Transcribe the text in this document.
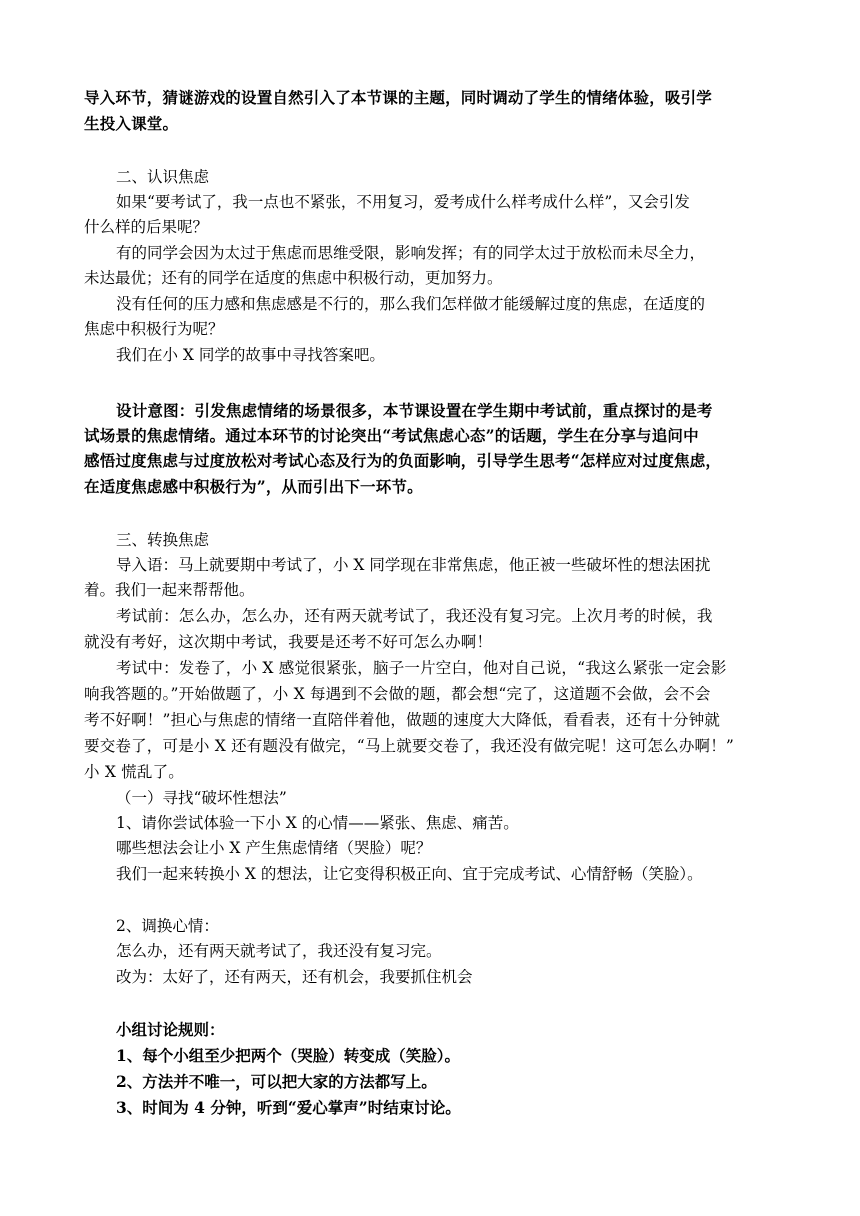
导入环节，猜谜游戏的设置自然引入了本节课的主题，同时调动了学生的情绪体验，吸引学
生投入课堂。
二、认识焦虑
如果“要考试了，我一点也不紧张，不用复习，爱考成什么样考成什么样”，又会引发
什么样的后果呢？
有的同学会因为太过于焦虑而思维受限，影响发挥；有的同学太过于放松而未尽全力，
未达最优；还有的同学在适度的焦虑中积极行动，更加努力。
没有任何的压力感和焦虑感是不行的，那么我们怎样做才能缓解过度的焦虑，在适度的
焦虑中积极行为呢？
我们在小 X 同学的故事中寻找答案吧。
设计意图：引发焦虑情绪的场景很多，本节课设置在学生期中考试前，重点探讨的是考
试场景的焦虑情绪。通过本环节的讨论突出“考试焦虑心态”的话题，学生在分享与追问中
感悟过度焦虑与过度放松对考试心态及行为的负面影响，引导学生思考“怎样应对过度焦虑，
在适度焦虑感中积极行为”，从而引出下一环节。
三、转换焦虑
导入语：马上就要期中考试了，小 X 同学现在非常焦虑，他正被一些破坏性的想法困扰
着。我们一起来帮帮他。
考试前：怎么办，怎么办，还有两天就考试了，我还没有复习完。上次月考的时候，我
就没有考好，这次期中考试，我要是还考不好可怎么办啊！
考试中：发卷了，小 X 感觉很紧张，脑子一片空白，他对自己说，“我这么紧张一定会影
响我答题的。”开始做题了，小 X 每遇到不会做的题，都会想“完了，这道题不会做，会不会
考不好啊！”担心与焦虑的情绪一直陪伴着他，做题的速度大大降低，看看表，还有十分钟就
要交卷了，可是小 X 还有题没有做完，“马上就要交卷了，我还没有做完呢！这可怎么办啊！”
小 X 慌乱了。
（一）寻找“破坏性想法”
1、请你尝试体验一下小 X 的心情——紧张、焦虑、痛苦。
哪些想法会让小 X 产生焦虑情绪（哭脸）呢？
我们一起来转换小 X 的想法，让它变得积极正向、宜于完成考试、心情舒畅（笑脸）。
2、调换心情：
怎么办，还有两天就考试了，我还没有复习完。
改为：太好了，还有两天，还有机会，我要抓住机会
小组讨论规则：
1、每个小组至少把两个（哭脸）转变成（笑脸）。
2、方法并不唯一，可以把大家的方法都写上。
3、时间为 4 分钟，听到“爱心掌声”时结束讨论。
